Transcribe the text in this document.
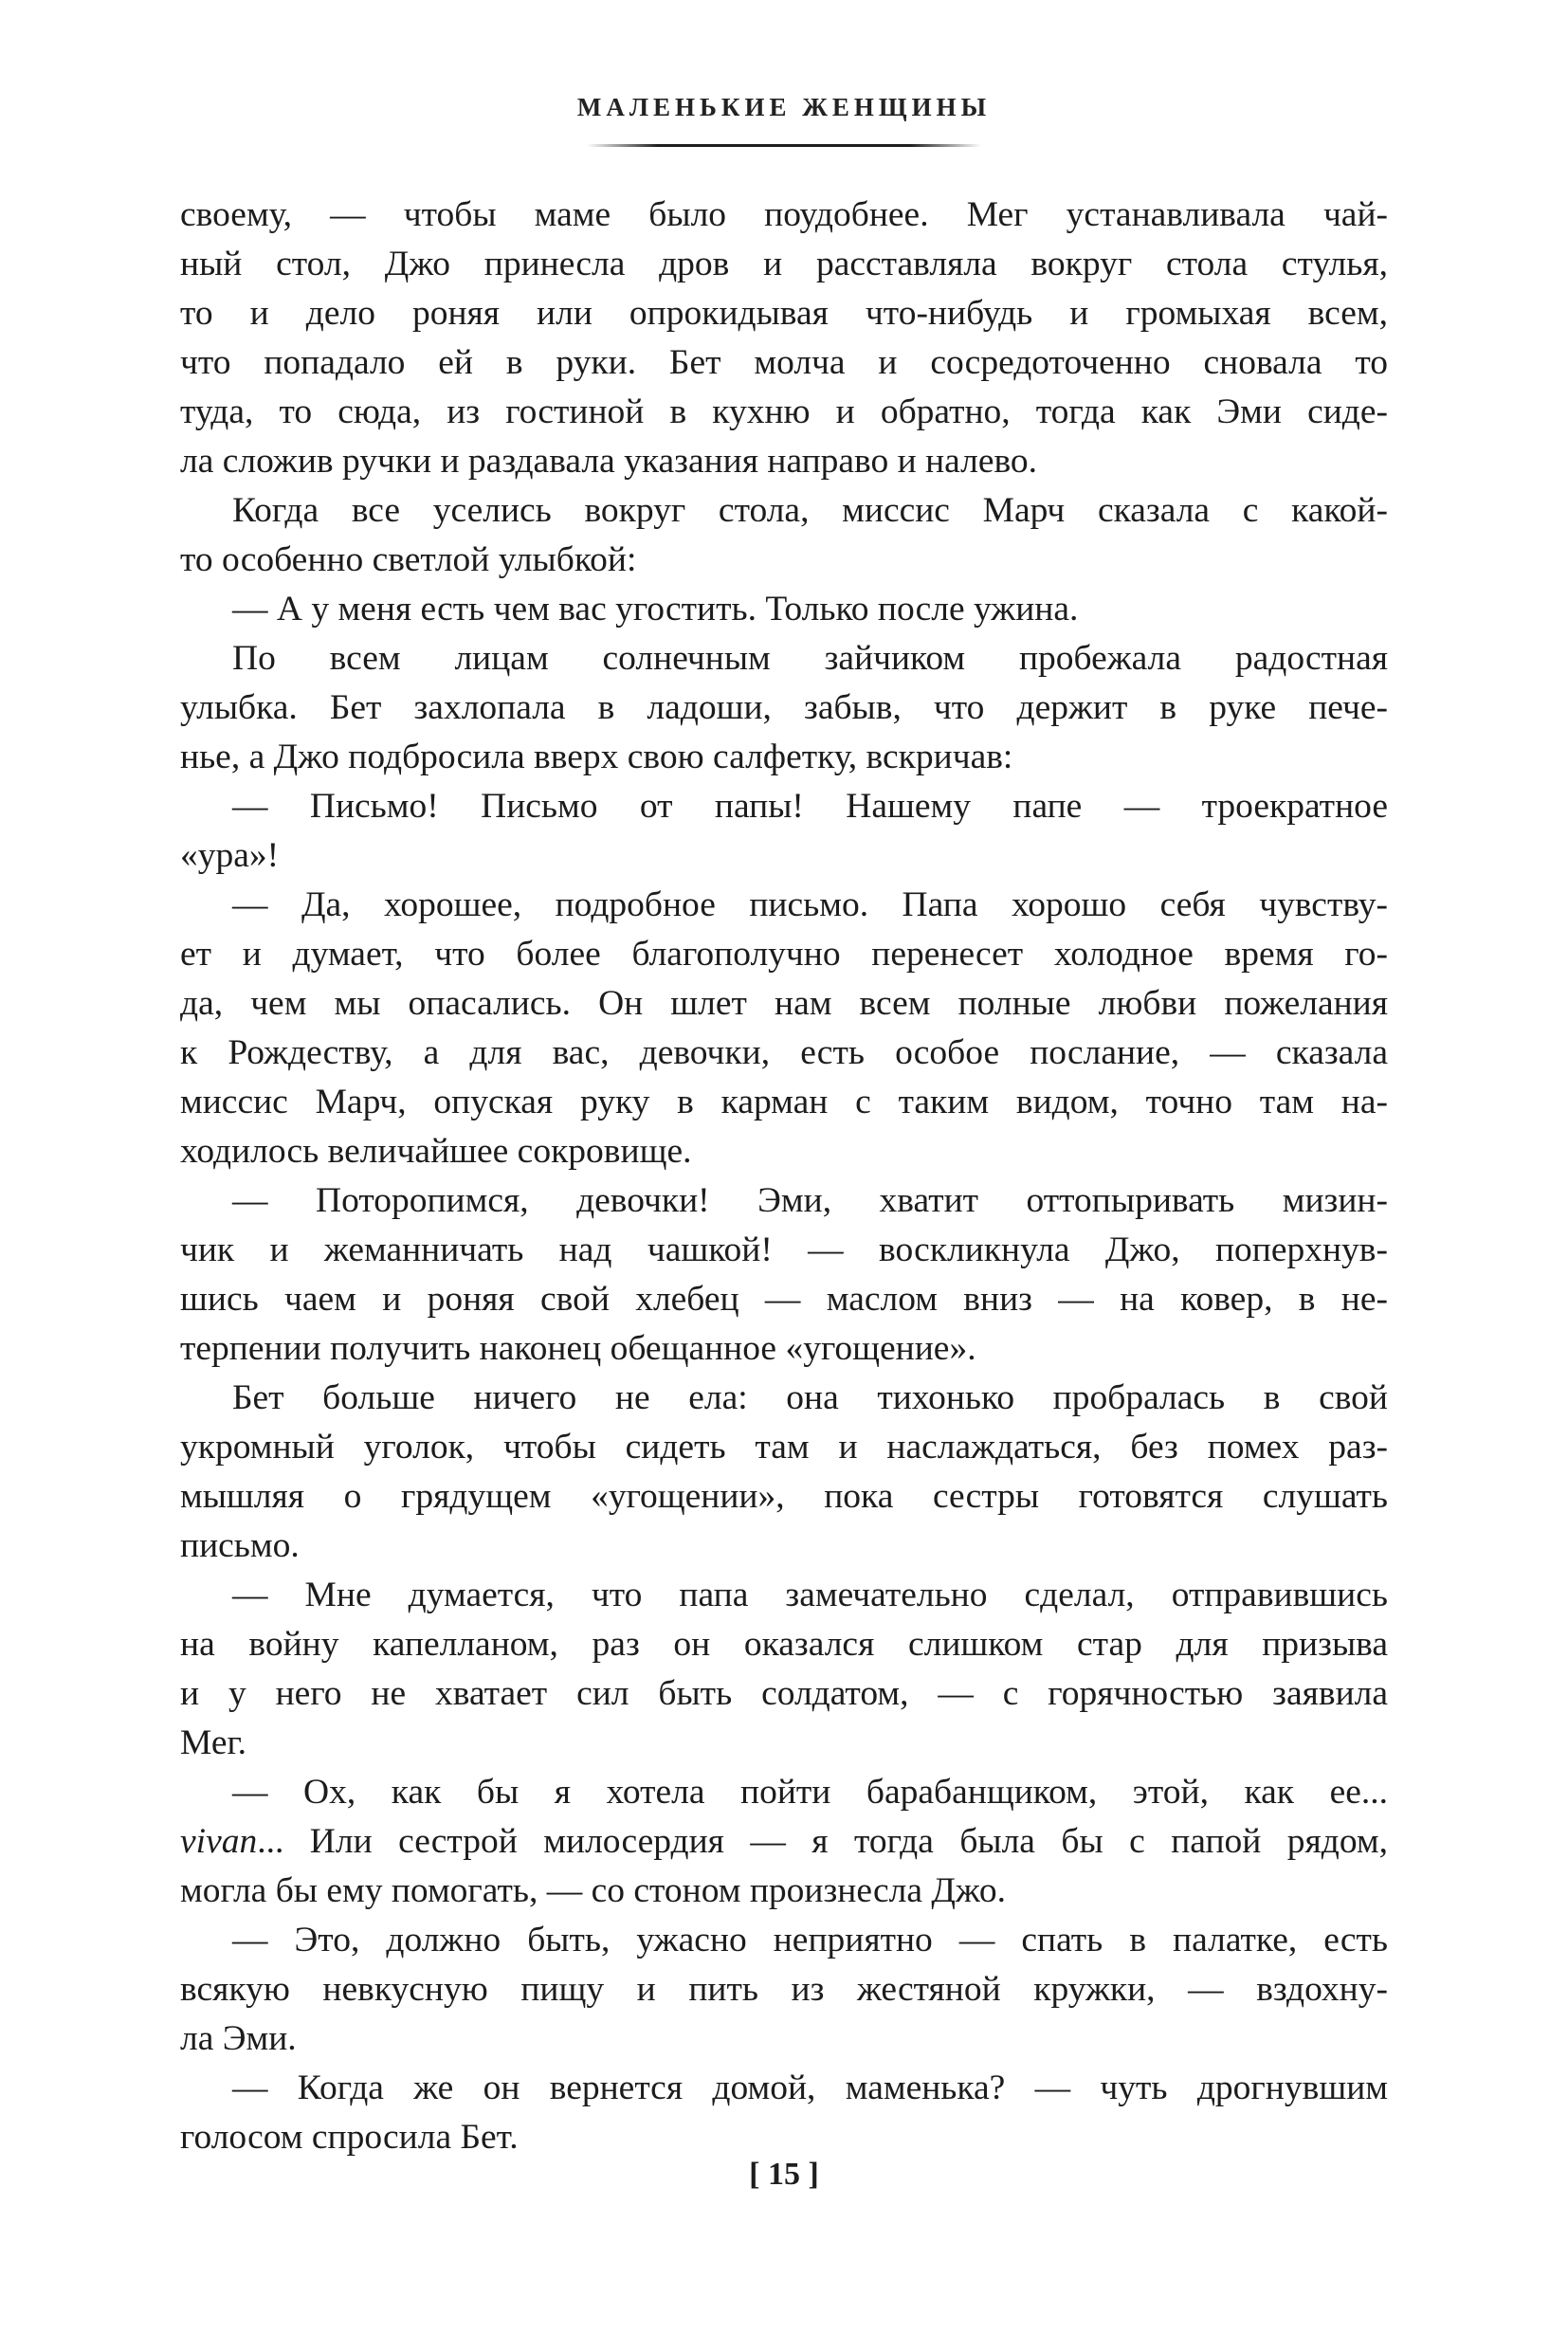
МАЛЕНЬКИЕ ЖЕНЩИНЫ
своему, — чтобы маме было поудобнее. Мег устанавливала чай-
ный стол, Джо принесла дров и расставляла вокруг стола стулья,
то и дело роняя или опрокидывая что-нибудь и громыхая всем,
что попадало ей в руки. Бет молча и сосредоточенно сновала то
туда, то сюда, из гостиной в кухню и обратно, тогда как Эми сиде-
ла сложив ручки и раздавала указания направо и налево.
Когда все уселись вокруг стола, миссис Марч сказала с какой-
то особенно светлой улыбкой:
— А у меня есть чем вас угостить. Только после ужина.
По всем лицам солнечным зайчиком пробежала радостная
улыбка. Бет захлопала в ладоши, забыв, что держит в руке пече-
нье, а Джо подбросила вверх свою салфетку, вскричав:
— Письмо! Письмо от папы! Нашему папе — троекратное
«ура»!
— Да, хорошее, подробное письмо. Папа хорошо себя чувству-
ет и думает, что более благополучно перенесет холодное время го-
да, чем мы опасались. Он шлет нам всем полные любви пожелания
к Рождеству, а для вас, девочки, есть особое послание, — сказала
миссис Марч, опуская руку в карман с таким видом, точно там на-
ходилось величайшее сокровище.
— Поторопимся, девочки! Эми, хватит оттопыривать мизин-
чик и жеманничать над чашкой! — воскликнула Джо, поперхнув-
шись чаем и роняя свой хлебец — маслом вниз — на ковер, в не-
терпении получить наконец обещанное «угощение».
Бет больше ничего не ела: она тихонько пробралась в свой
укромный уголок, чтобы сидеть там и наслаждаться, без помех раз-
мышляя о грядущем «угощении», пока сестры готовятся слушать
письмо.
— Мне думается, что папа замечательно сделал, отправившись
на войну капелланом, раз он оказался слишком стар для призыва
и у него не хватает сил быть солдатом, — с горячностью заявила
Мег.
— Ох, как бы я хотела пойти барабанщиком, этой, как ее...
vivan... Или сестрой милосердия — я тогда была бы с папой рядом,
могла бы ему помогать, — со стоном произнесла Джо.
— Это, должно быть, ужасно неприятно — спать в палатке, есть
всякую невкусную пищу и пить из жестяной кружки, — вздохну-
ла Эми.
— Когда же он вернется домой, маменька? — чуть дрогнувшим
голосом спросила Бет.
[ 15 ]
